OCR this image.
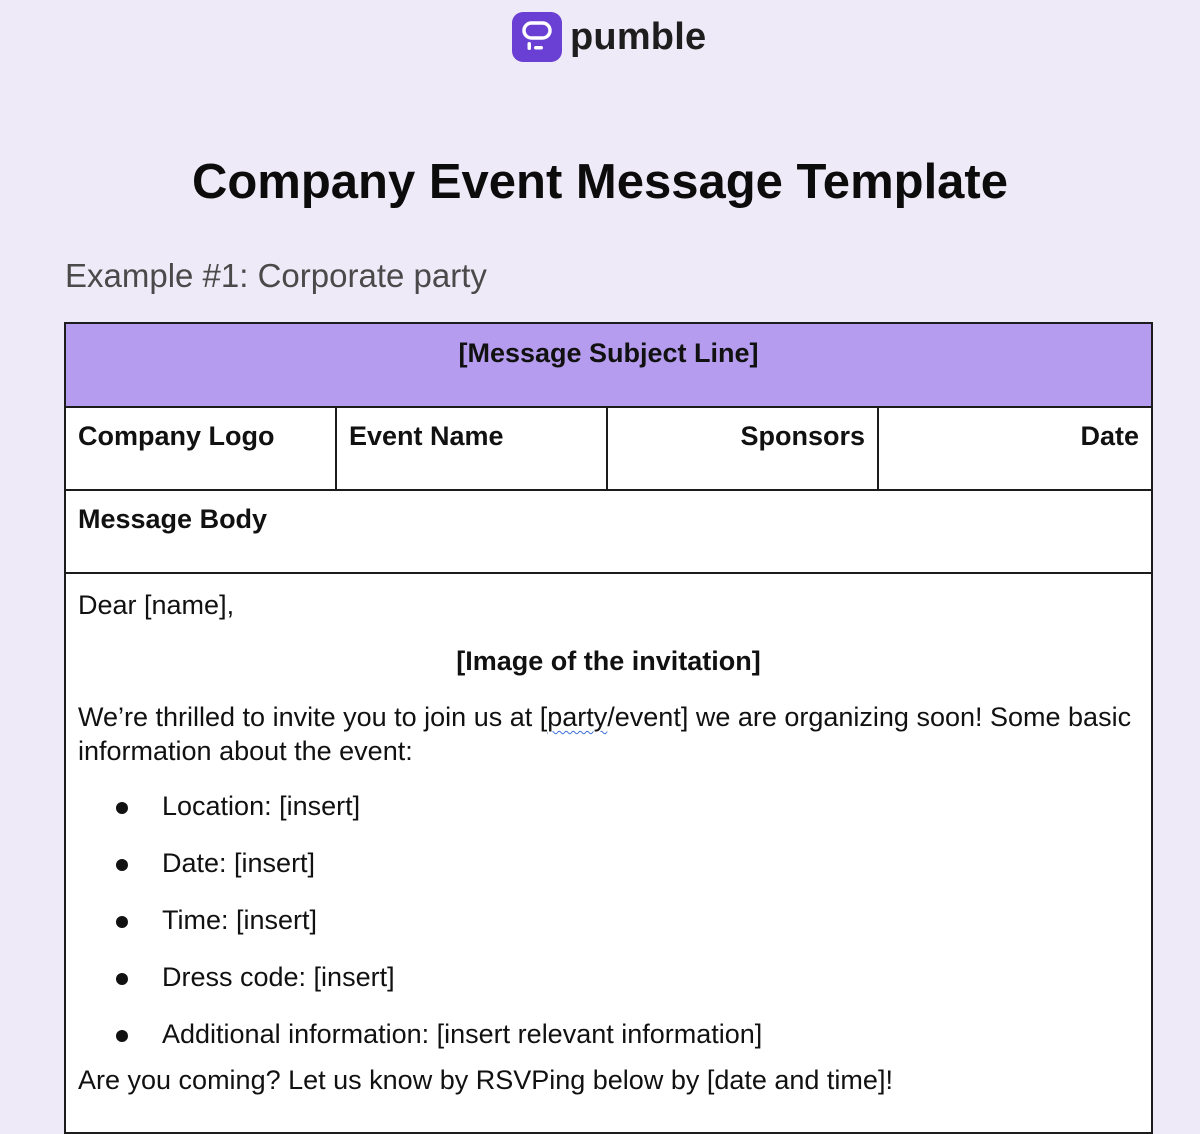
pumble
Company Event Message Template
Example #1: Corporate party
[Message Subject Line]
Company Logo	Event Name	Sponsors	Date
Message Body

Dear [name],

[Image of the invitation]

We’re thrilled to invite you to join us at [party/event] we are organizing soon! Some basic information about the event:

Location: [insert]
Date: [insert]
Time: [insert]
Dress code: [insert]
Additional information: [insert relevant information]

Are you coming? Let us know by RSVPing below by [date and time]!
